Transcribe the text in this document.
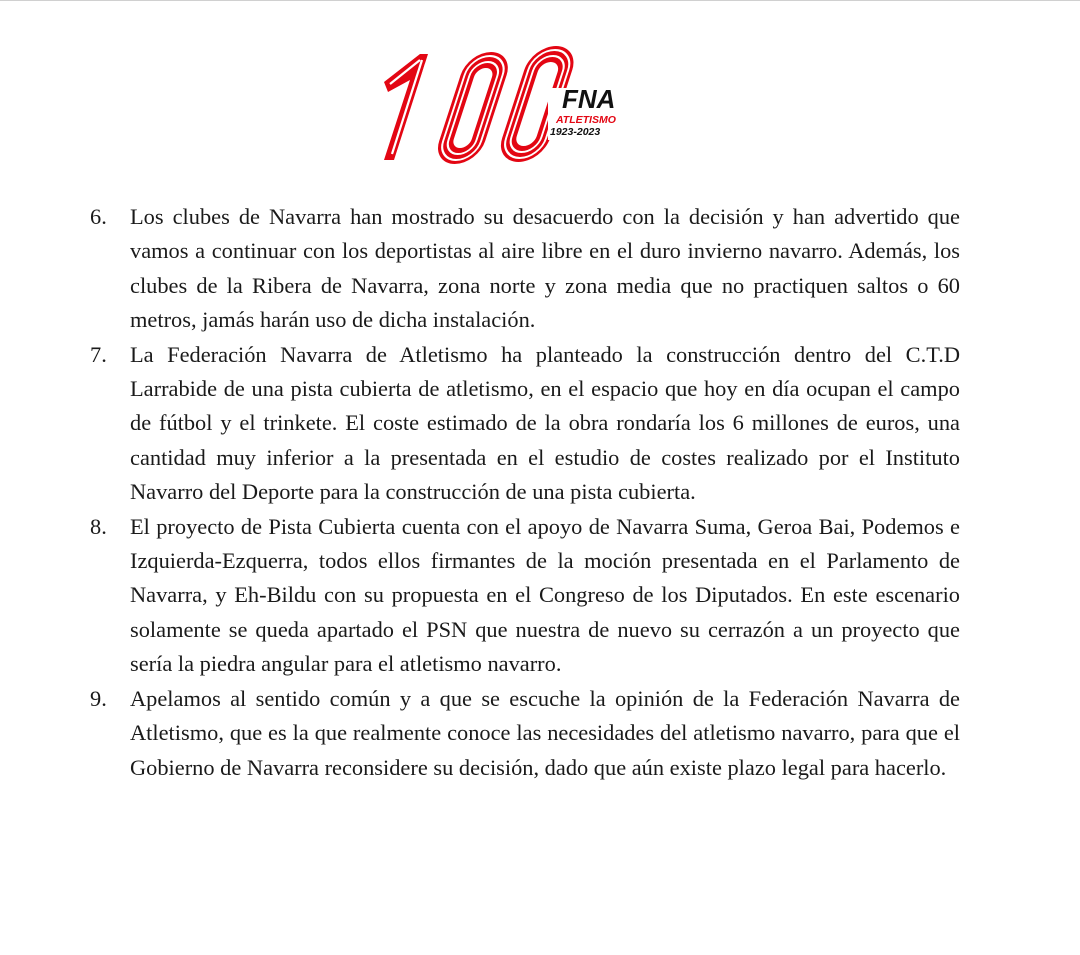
FNA
ATLETISMO
1923-2023
6. Los clubes de Navarra han mostrado su desacuerdo con la decisión y han advertido que vamos a continuar con los deportistas al aire libre en el duro invierno navarro. Además, los clubes de la Ribera de Navarra, zona norte y zona media que no practiquen saltos o 60 metros, jamás harán uso de dicha instalación.
7. La Federación Navarra de Atletismo ha planteado la construcción dentro del C.T.D Larrabide de una pista cubierta de atletismo, en el espacio que hoy en día ocupan el campo de fútbol y el trinkete. El coste estimado de la obra rondaría los 6 millones de euros, una cantidad muy inferior a la presentada en el estudio de costes realizado por el Instituto Navarro del Deporte para la construcción de una pista cubierta.
8. El proyecto de Pista Cubierta cuenta con el apoyo de Navarra Suma, Geroa Bai, Podemos e Izquierda-Ezquerra, todos ellos firmantes de la moción presentada en el Parlamento de Navarra, y Eh-Bildu con su propuesta en el Congreso de los Diputados. En este escenario solamente se queda apartado el PSN que nuestra de nuevo su cerrazón a un proyecto que sería la piedra angular para el atletismo navarro.
9. Apelamos al sentido común y a que se escuche la opinión de la Federación Navarra de Atletismo, que es la que realmente conoce las necesidades del atletismo navarro, para que el Gobierno de Navarra reconsidere su decisión, dado que aún existe plazo legal para hacerlo.
